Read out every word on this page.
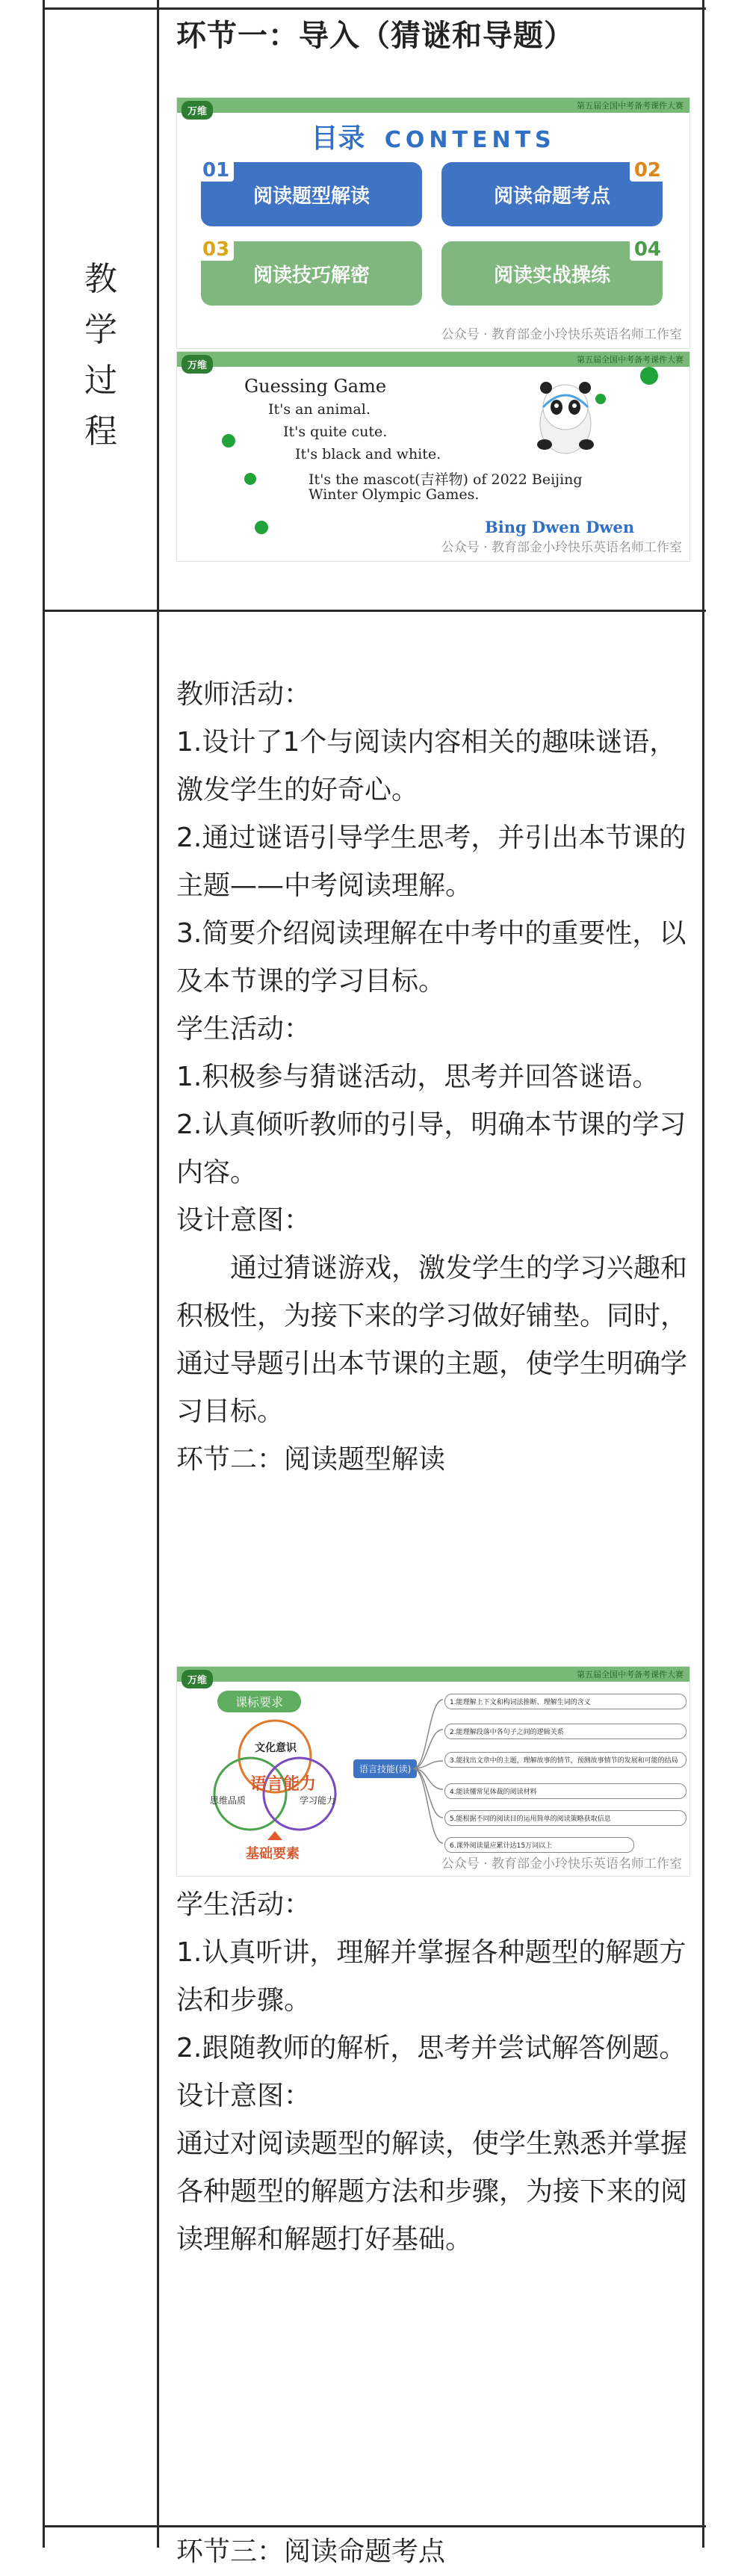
教学过程

环节一：导入（猜谜和导题）

万维
第五届全国中考备考课件大赛
目录 CONTENTS
01
阅读题型解读
02
阅读命题考点
03
阅读技巧解密
04
阅读实战操练
公众号 · 教育部金小玲快乐英语名师工作室
万维
第五届全国中考备考课件大赛
Guessing Game
It's an animal.
It's quite cute.
It's black and white.
It's the mascot(吉祥物) of 2022 Beijing
Winter Olympic Games.
Bing Dwen Dwen
公众号 · 教育部金小玲快乐英语名师工作室

教师活动：

1.设计了1个与阅读内容相关的趣味谜语，激发学生的好奇心。

2.通过谜语引导学生思考，并引出本节课的主题——中考阅读理解。

3.简要介绍阅读理解在中考中的重要性，以及本节课的学习目标。

学生活动：

1.积极参与猜谜活动，思考并回答谜语。

2.认真倾听教师的引导，明确本节课的学习内容。

设计意图：

通过猜谜游戏，激发学生的学习兴趣和积极性，为接下来的学习做好铺垫。同时，通过导题引出本节课的主题，使学生明确学习目标。

环节二：阅读题型解读

万维
第五届全国中考备考课件大赛
课标要求
文化意识
语言能力
思维品质	学习能力
基础要素
语言技能(读)
1.能理解上下文和构词法推断、理解生词的含义
2.能理解段落中各句子之间的逻辑关系
3.能找出文章中的主题，理解故事的情节，预测故事情节的发展和可能的结局
4.能读懂常见体裁的阅读材料
5.能根据不同的阅读目的运用简单的阅读策略获取信息
6.课外阅读量应累计达15万词以上
公众号 · 教育部金小玲快乐英语名师工作室

学生活动：

1.认真听讲，理解并掌握各种题型的解题方法和步骤。

2.跟随教师的解析，思考并尝试解答例题。

设计意图：

通过对阅读题型的解读，使学生熟悉并掌握各种题型的解题方法和步骤，为接下来的阅读理解和解题打好基础。

环节三：阅读命题考点
